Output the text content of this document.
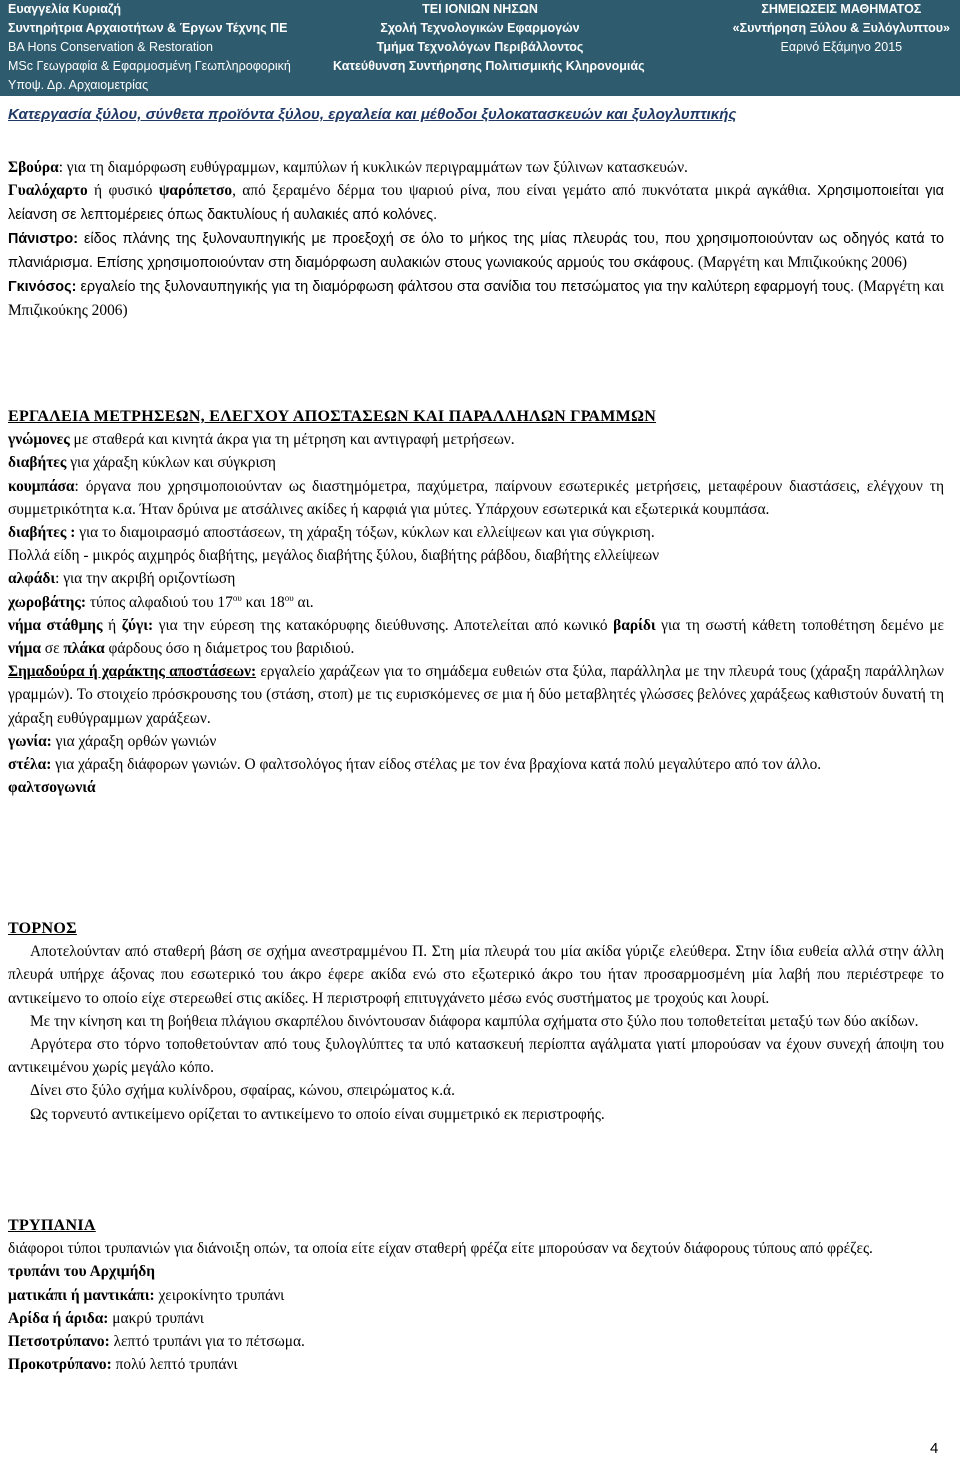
Ευαγγελία Κυριαζή
Συντηρήτρια Αρχαιοτήτων & Έργων Τέχνης ΠΕ
BA Hons Conservation & Restoration
MSc Γεωγραφία & Εφαρμοσμένη Γεωπληροφορική
Υποψ. Δρ. Αρχαιομετρίας
ΤΕΙ ΙΟΝΙΩΝ ΝΗΣΩΝ
Σχολή Τεχνολογικών Εφαρμογών
Τμήμα Τεχνολόγων Περιβάλλοντος
Κατεύθυνση Συντήρησης Πολιτισμικής Κληρονομιάς
ΣΗΜΕΙΩΣΕΙΣ ΜΑΘΗΜΑΤΟΣ
«Συντήρηση Ξύλου & Ξυλόγλυπτου»
Εαρινό Εξάμηνο 2015
Κατεργασία ξύλου, σύνθετα προϊόντα ξύλου, εργαλεία και μέθοδοι ξυλοκατασκευών και ξυλογλυπτικής

Σβούρα: για τη διαμόρφωση ευθύγραμμων, καμπύλων ή κυκλικών περιγραμμάτων των ξύλινων κατασκευών.

Γυαλόχαρτο ή φυσικό ψαρόπετσο, από ξεραμένο δέρμα του ψαριού ρίνα, που είναι γεμάτο από πυκνότατα μικρά αγκάθια. Χρησιμοποιείται για λείανση σε λεπτομέρειες όπως δακτυλίους ή αυλακιές από κολόνες.

Πάνιστρο: είδος πλάνης της ξυλοναυπηγικής με προεξοχή σε όλο το μήκος της μίας πλευράς του, που χρησιμοποιούνταν ως οδηγός κατά το πλανιάρισμα. Επίσης χρησιμοποιούνταν στη διαμόρφωση αυλακιών στους γωνιακούς αρμούς του σκάφους. (Μαργέτη και Μπιζικούκης 2006)

Γκινόσος: εργαλείο της ξυλοναυπηγικής για τη διαμόρφωση φάλτσου στα σανίδια του πετσώματος για την καλύτερη εφαρμογή τους. (Μαργέτη και Μπιζικούκης 2006)

ΕΡΓΑΛΕΙΑ ΜΕΤΡΗΣΕΩΝ, ΕΛΕΓΧΟΥ ΑΠΟΣΤΑΣΕΩΝ ΚΑΙ ΠΑΡΑΛΛΗΛΩΝ ΓΡΑΜΜΩΝ

γνώμονες με σταθερά και κινητά άκρα για τη μέτρηση και αντιγραφή μετρήσεων.

διαβήτες για χάραξη κύκλων και σύγκριση

κουμπάσα: όργανα που χρησιμοποιούνταν ως διαστημόμετρα, παχύμετρα, παίρνουν εσωτερικές μετρήσεις, μεταφέρουν διαστάσεις, ελέγχουν τη συμμετρικότητα κ.α. Ήταν δρύινα με ατσάλινες ακίδες ή καρφιά για μύτες. Υπάρχουν εσωτερικά και εξωτερικά κουμπάσα.

διαβήτες : για το διαμοιρασμό αποστάσεων, τη χάραξη τόξων, κύκλων και ελλείψεων και για σύγκριση.

Πολλά είδη - μικρός αιχμηρός διαβήτης, μεγάλος διαβήτης ξύλου, διαβήτης ράβδου, διαβήτης ελλείψεων

αλφάδι: για την ακριβή οριζοντίωση

χωροβάτης: τύπος αλφαδιού του $17^{o\upsilon}$ και $18^{o\upsilon}$ αι.

νήμα στάθμης ή ζύγι: για την εύρεση της κατακόρυφης διεύθυνσης. Αποτελείται από κωνικό βαρίδι για τη σωστή κάθετη τοποθέτηση δεμένο με νήμα σε πλάκα φάρδους όσο η διάμετρος του βαριδιού.

Σημαδούρα ή χαράκτης αποστάσεων: εργαλείο χαράζεων για το σημάδεμα ευθειών στα ξύλα, παράλληλα με την πλευρά τους (χάραξη παράλληλων γραμμών). Το στοιχείο πρόσκρουσης του (στάση, στοπ) με τις ευρισκόμενες σε μια ή δύο μεταβλητές γλώσσες βελόνες χαράξεως καθιστούν δυνατή τη χάραξη ευθύγραμμων χαράξεων.

γωνία: για χάραξη ορθών γωνιών

στέλα: για χάραξη διάφορων γωνιών. Ο φαλτσολόγος ήταν είδος στέλας με τον ένα βραχίονα κατά πολύ μεγαλύτερο από τον άλλο.

φαλτσογωνιά

ΤΟΡΝΟΣ

Αποτελούνταν από σταθερή βάση σε σχήμα ανεστραμμένου Π. Στη μία πλευρά του μία ακίδα γύριζε ελεύθερα. Στην ίδια ευθεία αλλά στην άλλη πλευρά υπήρχε άξονας που εσωτερικό του άκρο έφερε ακίδα ενώ στο εξωτερικό άκρο του ήταν προσαρμοσμένη μία λαβή που περιέστρεφε το αντικείμενο το οποίο είχε στερεωθεί στις ακίδες. Η περιστροφή επιτυγχάνετο μέσω ενός συστήματος με τροχούς και λουρί.

Με την κίνηση και τη βοήθεια πλάγιου σκαρπέλου δινόντουσαν διάφορα καμπύλα σχήματα στο ξύλο που τοποθετείται μεταξύ των δύο ακίδων.

Αργότερα στο τόρνο τοποθετούνταν από τους ξυλογλύπτες τα υπό κατασκευή περίοπτα αγάλματα γιατί μπορούσαν να έχουν συνεχή άποψη του αντικειμένου χωρίς μεγάλο κόπο.

Δίνει στο ξύλο σχήμα κυλίνδρου, σφαίρας, κώνου, σπειρώματος κ.ά.

Ως τορνευτό αντικείμενο ορίζεται το αντικείμενο το οποίο είναι συμμετρικό εκ περιστροφής.

ΤΡΥΠΑΝΙΑ

διάφοροι τύποι τρυπανιών για διάνοιξη οπών, τα οποία είτε είχαν σταθερή φρέζα είτε μπορούσαν να δεχτούν διάφορους τύπους από φρέζες.

τρυπάνι του Αρχιμήδη

ματικάπι ή μαντικάπι: χειροκίνητο τρυπάνι

Αρίδα ή άριδα: μακρύ τρυπάνι

Πετσοτρύπανο: λεπτό τρυπάνι για το πέτσωμα.

Προκοτρύπανο: πολύ λεπτό τρυπάνι

4
